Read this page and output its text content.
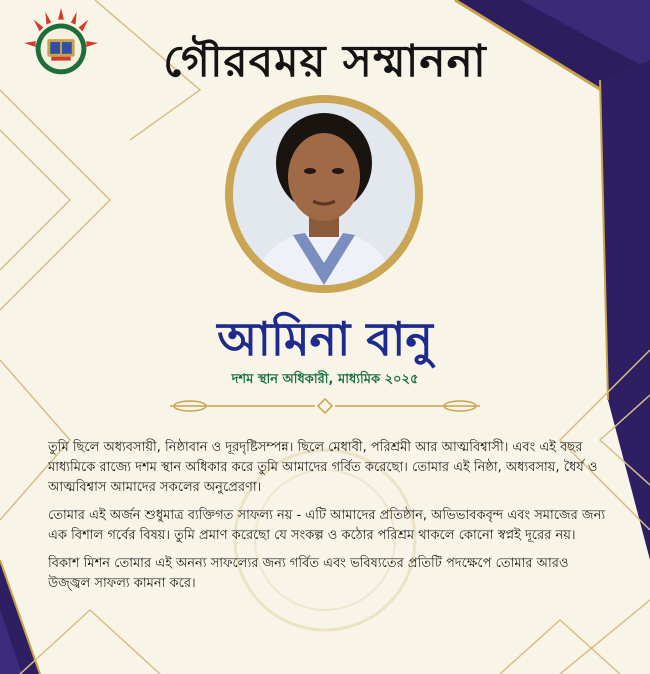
গৌরবময় সম্মাননা
আমিনা বানু
দশম স্থান অধিকারী, মাধ্যমিক ২০২৫

তুমি ছিলে অধ্যবসায়ী, নিষ্ঠাবান ও দূরদৃষ্টিসম্পন্ন। ছিলে মেধাবী, পরিশ্রমী আর আত্মবিশ্বাসী। এবং এই বছর মাধ্যমিকে রাজ্যে দশম স্থান অধিকার করে তুমি আমাদের গর্বিত করেছো। তোমার এই নিষ্ঠা, অধ্যবসায়, ধৈর্য ও আত্মবিশ্বাস আমাদের সকলের অনুপ্রেরণা।

তোমার এই অর্জন শুধুমাত্র ব্যক্তিগত সাফল্য নয় - এটি আমাদের প্রতিষ্ঠান, অভিভাবকবৃন্দ এবং সমাজের জন্য এক বিশাল গর্বের বিষয়। তুমি প্রমাণ করেছো যে সংকল্প ও কঠোর পরিশ্রম থাকলে কোনো স্বপ্নই দূরের নয়।

বিকাশ মিশন তোমার এই অনন্য সাফল্যের জন্য গর্বিত এবং ভবিষ্যতের প্রতিটি পদক্ষেপে তোমার আরও উজ্জ্বল সাফল্য কামনা করে।
